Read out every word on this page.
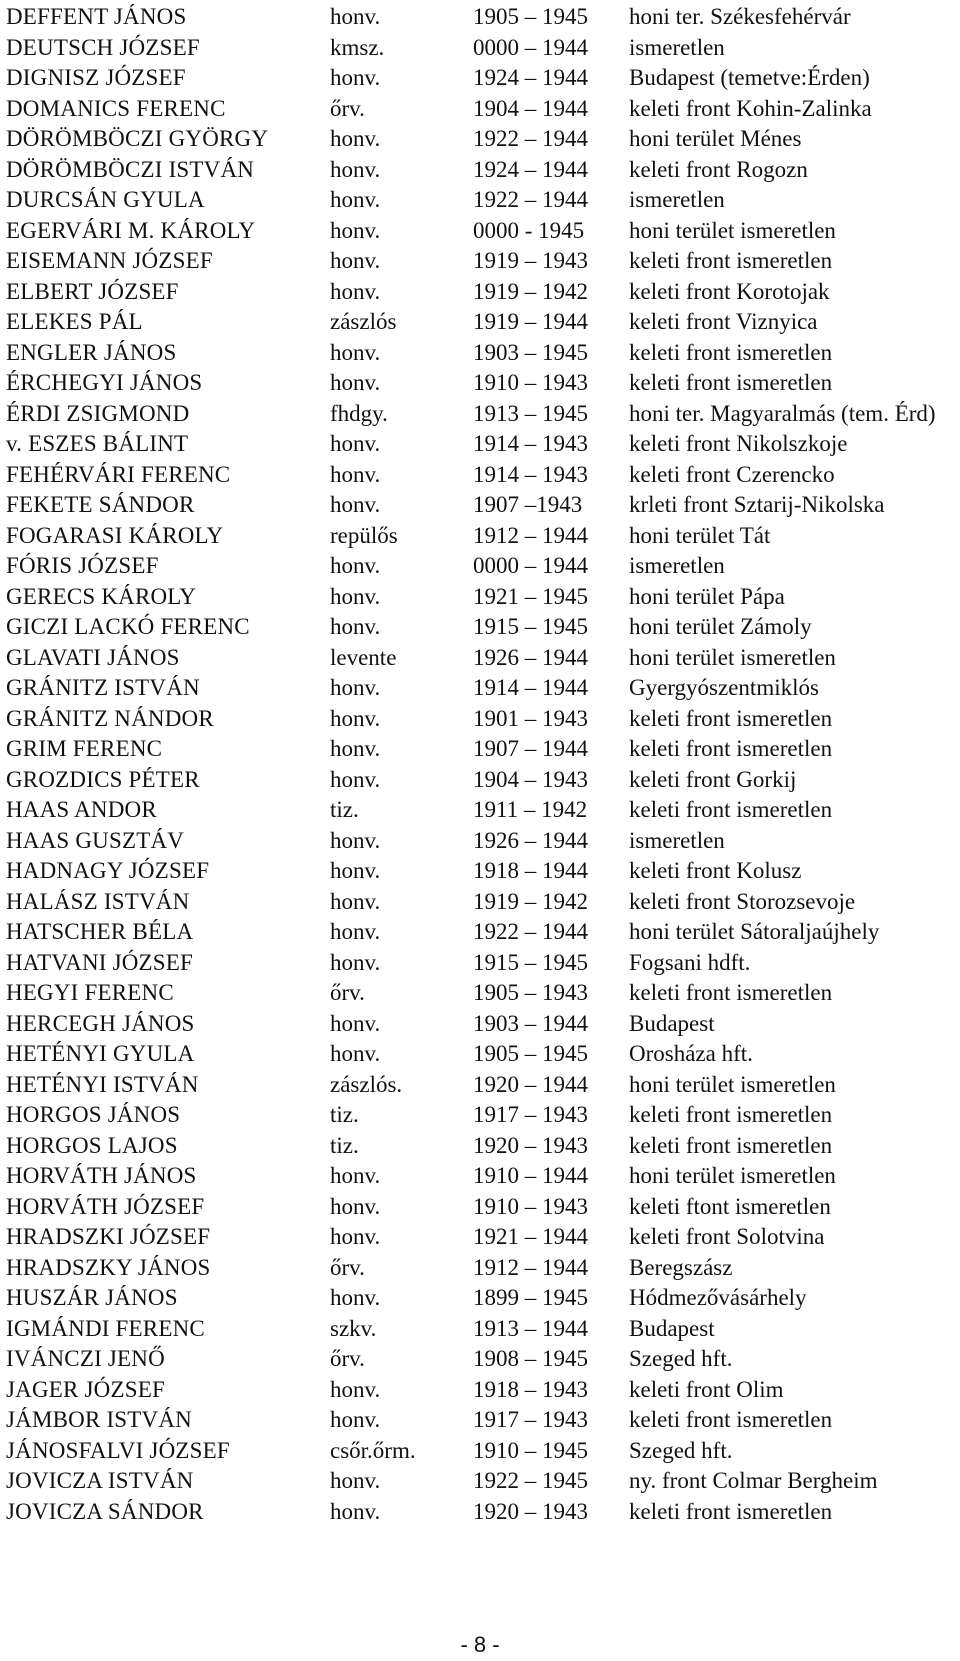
DEFFENT JÁNOS	honv.	1905 – 1945 honi ter. Székesfehérvár
DEUTSCH JÓZSEF	kmsz.	0000 – 1944 ismeretlen
DIGNISZ JÓZSEF	honv.	1924 – 1944 Budapest (temetve:Érden)
DOMANICS FERENC	őrv.	1904 – 1944 keleti front Kohin-Zalinka
DÖRÖMBÖCZI GYÖRGY	honv.	1922 – 1944 honi terület Ménes
DÖRÖMBÖCZI ISTVÁN	honv.	1924 – 1944 keleti front Rogozn
DURCSÁN GYULA	honv.	1922 – 1944 ismeretlen
EGERVÁRI M. KÁROLY	honv.	0000 - 1945 honi terület ismeretlen
EISEMANN JÓZSEF	honv.	1919 – 1943 keleti front ismeretlen
ELBERT JÓZSEF	honv.	1919 – 1942 keleti front Korotojak
ELEKES PÁL	zászlós	1919 – 1944 keleti front Viznyica
ENGLER JÁNOS	honv.	1903 – 1945 keleti front ismeretlen
ÉRCHEGYI JÁNOS	honv.	1910 – 1943 keleti front ismeretlen
ÉRDI ZSIGMOND	fhdgy.	1913 – 1945 honi ter. Magyaralmás (tem. Érd)
v. ESZES BÁLINT	honv.	1914 – 1943 keleti front Nikolszkoje
FEHÉRVÁRI FERENC	honv.	1914 – 1943 keleti front Czerencko
FEKETE SÁNDOR	honv.	1907 –1943 krleti front Sztarij-Nikolska
FOGARASI KÁROLY	repülős	1912 – 1944 honi terület Tát
FÓRIS JÓZSEF	honv.	0000 – 1944 ismeretlen
GERECS KÁROLY	honv.	1921 – 1945 honi terület Pápa
GICZI LACKÓ FERENC	honv.	1915 – 1945 honi terület Zámoly
GLAVATI JÁNOS	levente	1926 – 1944 honi terület ismeretlen
GRÁNITZ ISTVÁN	honv.	1914 – 1944 Gyergyószentmiklós
GRÁNITZ NÁNDOR	honv.	1901 – 1943 keleti front ismeretlen
GRIM FERENC	honv.	1907 – 1944 keleti front ismeretlen
GROZDICS PÉTER	honv.	1904 – 1943 keleti front Gorkij
HAAS ANDOR	tiz.	1911 – 1942 keleti front ismeretlen
HAAS GUSZTÁV	honv.	1926 – 1944 ismeretlen
HADNAGY JÓZSEF	honv.	1918 – 1944 keleti front Kolusz
HALÁSZ ISTVÁN	honv.	1919 – 1942 keleti front Storozsevoje
HATSCHER BÉLA	honv.	1922 – 1944 honi terület Sátoraljaújhely
HATVANI JÓZSEF	honv.	1915 – 1945 Fogsani hdft.
HEGYI FERENC	őrv.	1905 – 1943 keleti front ismeretlen
HERCEGH JÁNOS	honv.	1903 – 1944 Budapest
HETÉNYI GYULA	honv.	1905 – 1945 Orosháza hft.
HETÉNYI ISTVÁN	zászlós.	1920 – 1944 honi terület ismeretlen
HORGOS JÁNOS	tiz.	1917 – 1943 keleti front ismeretlen
HORGOS LAJOS	tiz.	1920 – 1943 keleti front ismeretlen
HORVÁTH JÁNOS	honv.	1910 – 1944 honi terület ismeretlen
HORVÁTH JÓZSEF	honv.	1910 – 1943 keleti ftont ismeretlen
HRADSZKI JÓZSEF	honv.	1921 – 1944 keleti front Solotvina
HRADSZKY JÁNOS	őrv.	1912 – 1944 Beregszász
HUSZÁR JÁNOS	honv.	1899 – 1945 Hódmezővásárhely
IGMÁNDI FERENC	szkv.	1913 – 1944 Budapest
IVÁNCZI JENŐ	őrv.	1908 – 1945 Szeged hft.
JAGER JÓZSEF	honv.	1918 – 1943 keleti front Olim
JÁMBOR ISTVÁN	honv.	1917 – 1943 keleti front ismeretlen
JÁNOSFALVI JÓZSEF	csőr.őrm. 1910 – 1945 Szeged hft.
JOVICZA ISTVÁN	honv.	1922 – 1945 ny. front Colmar Bergheim
JOVICZA SÁNDOR	honv.	1920 – 1943 keleti front ismeretlen
- 8 -
